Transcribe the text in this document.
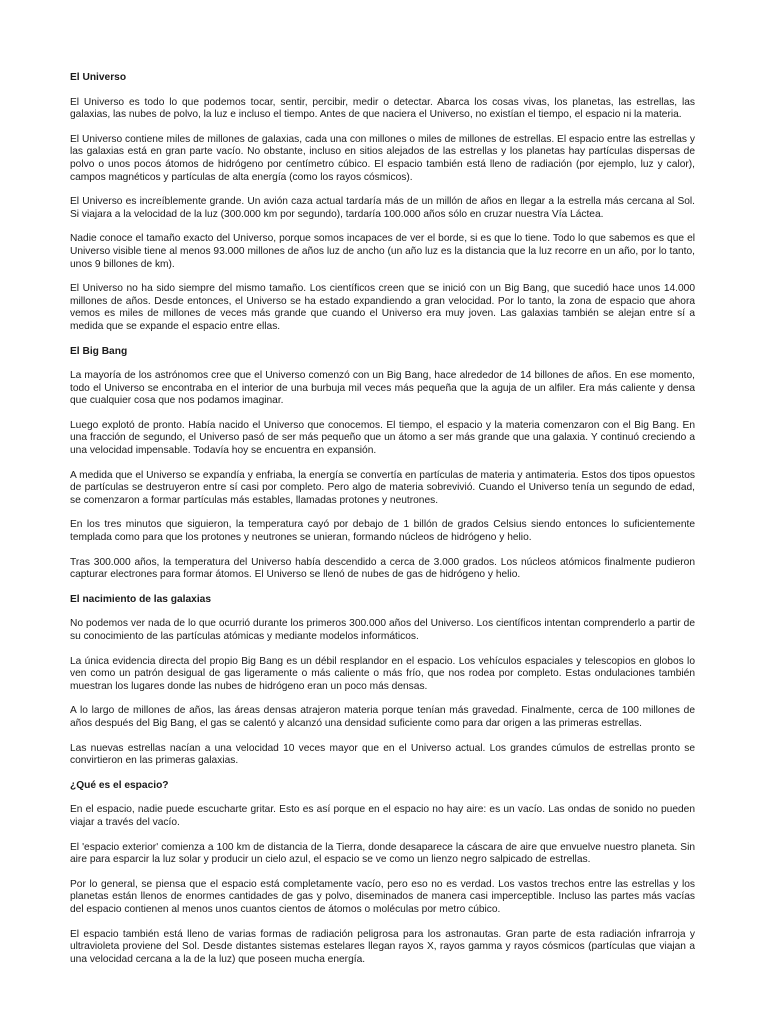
El Universo

El Universo es todo lo que podemos tocar, sentir, percibir, medir o detectar. Abarca los cosas vivas, los planetas, las estrellas, las galaxias, las nubes de polvo, la luz e incluso el tiempo. Antes de que naciera el Universo, no existían el tiempo, el espacio ni la materia.

El Universo contiene miles de millones de galaxias, cada una con millones o miles de millones de estrellas. El espacio entre las estrellas y las galaxias está en gran parte vacío. No obstante, incluso en sitios alejados de las estrellas y los planetas hay partículas dispersas de polvo o unos pocos átomos de hidrógeno por centímetro cúbico. El espacio también está lleno de radiación (por ejemplo, luz y calor), campos magnéticos y partículas de alta energía (como los rayos cósmicos).

El Universo es increíblemente grande. Un avión caza actual tardaría más de un millón de años en llegar a la estrella más cercana al Sol. Si viajara a la velocidad de la luz (300.000 km por segundo), tardaría 100.000 años sólo en cruzar nuestra Vía Láctea.

Nadie conoce el tamaño exacto del Universo, porque somos incapaces de ver el borde, si es que lo tiene. Todo lo que sabemos es que el Universo visible tiene al menos 93.000 millones de años luz de ancho (un año luz es la distancia que la luz recorre en un año, por lo tanto, unos 9 billones de km).

El Universo no ha sido siempre del mismo tamaño. Los científicos creen que se inició con un Big Bang, que sucedió hace unos 14.000 millones de años. Desde entonces, el Universo se ha estado expandiendo a gran velocidad. Por lo tanto, la zona de espacio que ahora vemos es miles de millones de veces más grande que cuando el Universo era muy joven. Las galaxias también se alejan entre sí a medida que se expande el espacio entre ellas.

El Big Bang

La mayoría de los astrónomos cree que el Universo comenzó con un Big Bang, hace alrededor de 14 billones de años. En ese momento, todo el Universo se encontraba en el interior de una burbuja mil veces más pequeña que la aguja de un alfiler. Era más caliente y densa que cualquier cosa que nos podamos imaginar.

Luego explotó de pronto. Había nacido el Universo que conocemos. El tiempo, el espacio y la materia comenzaron con el Big Bang. En una fracción de segundo, el Universo pasó de ser más pequeño que un átomo a ser más grande que una galaxia. Y continuó creciendo a una velocidad impensable. Todavía hoy se encuentra en expansión.

A medida que el Universo se expandía y enfriaba, la energía se convertía en partículas de materia y antimateria. Estos dos tipos opuestos de partículas se destruyeron entre sí casi por completo. Pero algo de materia sobrevivió. Cuando el Universo tenía un segundo de edad, se comenzaron a formar partículas más estables, llamadas protones y neutrones.

En los tres minutos que siguieron, la temperatura cayó por debajo de 1 billón de grados Celsius siendo entonces lo suficientemente templada como para que los protones y neutrones se unieran, formando núcleos de hidrógeno y helio.

Tras 300.000 años, la temperatura del Universo había descendido a cerca de 3.000 grados. Los núcleos atómicos finalmente pudieron capturar electrones para formar átomos. El Universo se llenó de nubes de gas de hidrógeno y helio.

El nacimiento de las galaxias

No podemos ver nada de lo que ocurrió durante los primeros 300.000 años del Universo. Los científicos intentan comprenderlo a partir de su conocimiento de las partículas atómicas y mediante modelos informáticos.

La única evidencia directa del propio Big Bang es un débil resplandor en el espacio. Los vehículos espaciales y telescopios en globos lo ven como un patrón desigual de gas ligeramente o más caliente o más frío, que nos rodea por completo. Estas ondulaciones también muestran los lugares donde las nubes de hidrógeno eran un poco más densas.

A lo largo de millones de años, las áreas densas atrajeron materia porque tenían más gravedad. Finalmente, cerca de 100 millones de años después del Big Bang, el gas se calentó y alcanzó una densidad suficiente como para dar origen a las primeras estrellas.

Las nuevas estrellas nacían a una velocidad 10 veces mayor que en el Universo actual. Los grandes cúmulos de estrellas pronto se convirtieron en las primeras galaxias.

¿Qué es el espacio?

En el espacio, nadie puede escucharte gritar. Esto es así porque en el espacio no hay aire: es un vacío. Las ondas de sonido no pueden viajar a través del vacío.

El 'espacio exterior' comienza a 100 km de distancia de la Tierra, donde desaparece la cáscara de aire que envuelve nuestro planeta. Sin aire para esparcir la luz solar y producir un cielo azul, el espacio se ve como un lienzo negro salpicado de estrellas.

Por lo general, se piensa que el espacio está completamente vacío, pero eso no es verdad. Los vastos trechos entre las estrellas y los planetas están llenos de enormes cantidades de gas y polvo, diseminados de manera casi imperceptible. Incluso las partes más vacías del espacio contienen al menos unos cuantos cientos de átomos o moléculas por metro cúbico.

El espacio también está lleno de varias formas de radiación peligrosa para los astronautas. Gran parte de esta radiación infrarroja y ultravioleta proviene del Sol. Desde distantes sistemas estelares llegan rayos X, rayos gamma y rayos cósmicos (partículas que viajan a una velocidad cercana a la de la luz) que poseen mucha energía.
